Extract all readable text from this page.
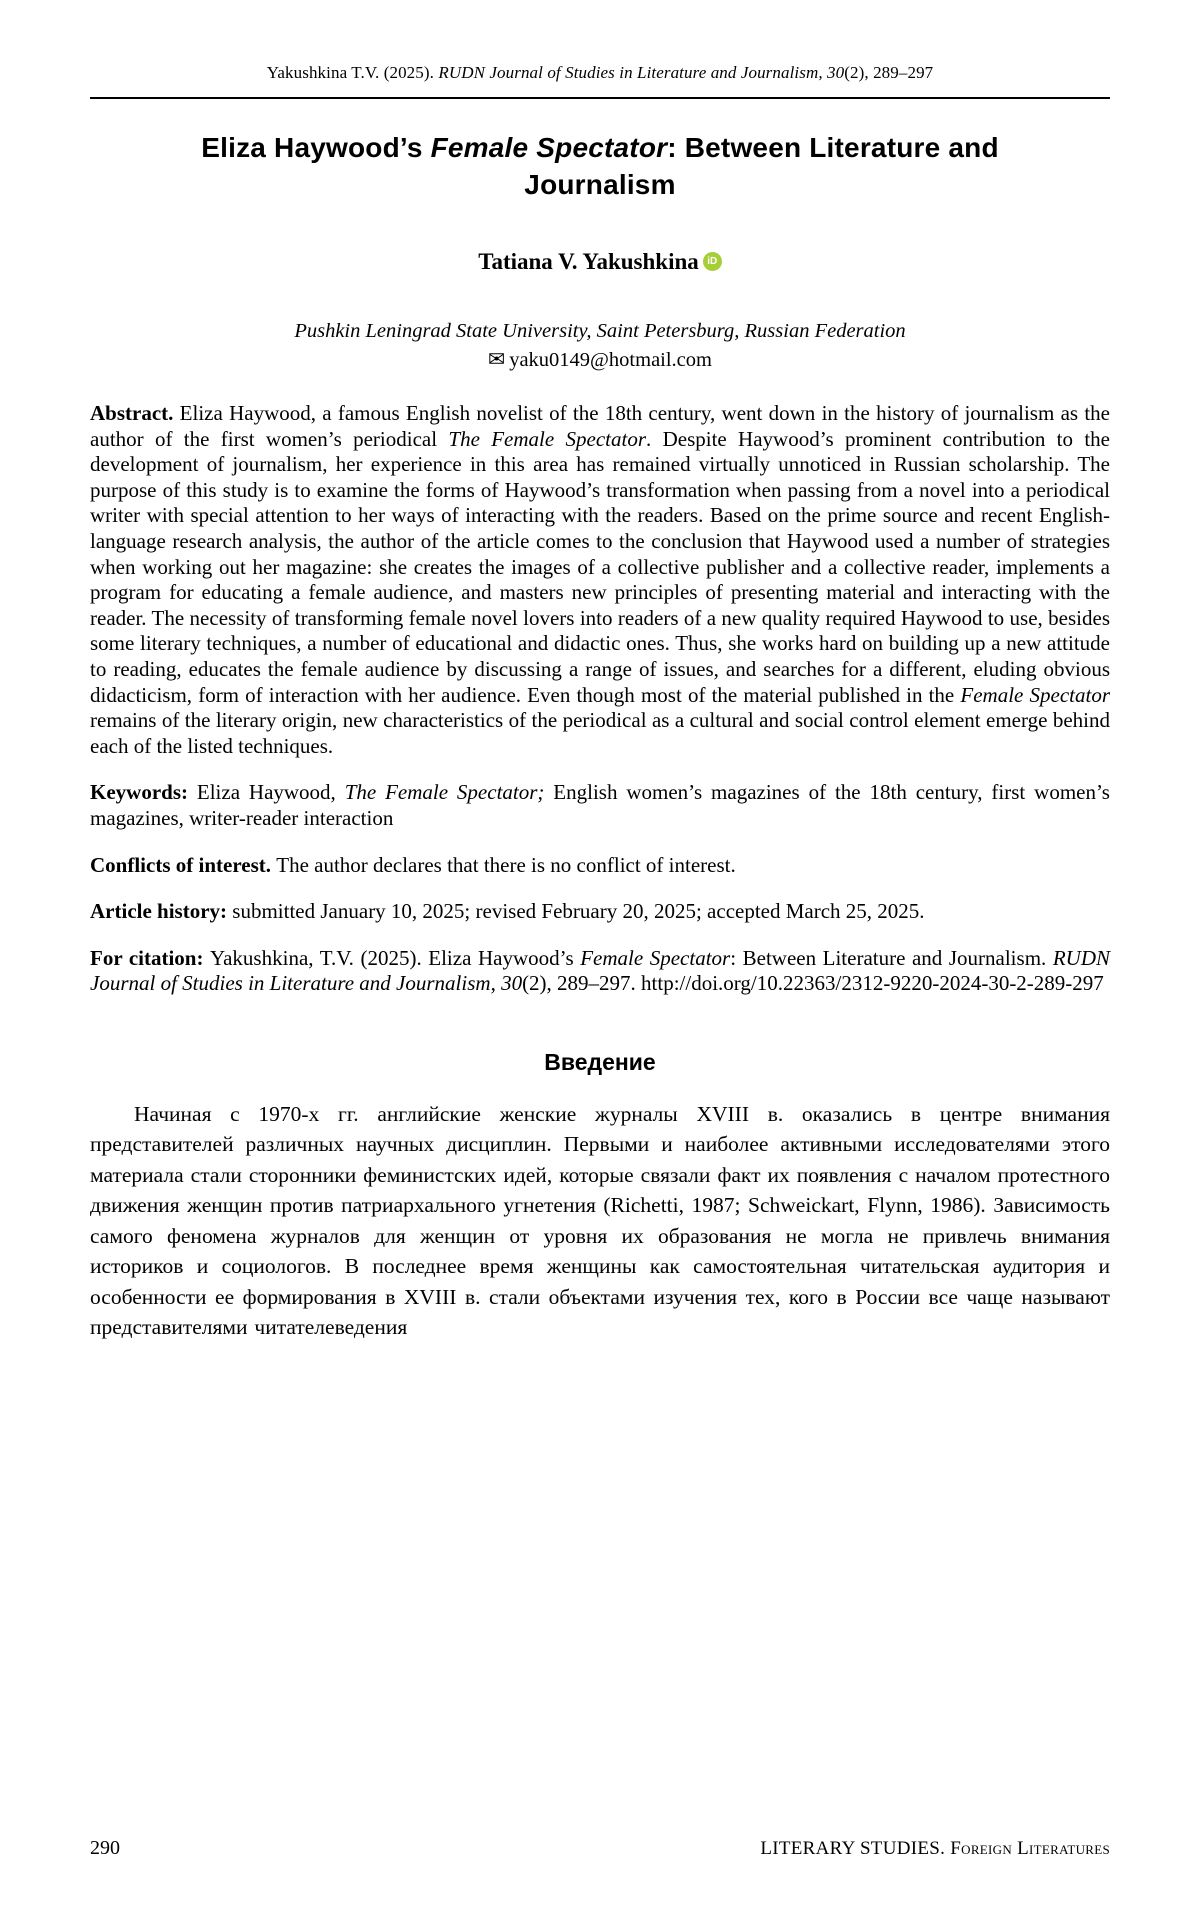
Yakushkina T.V. (2025). RUDN Journal of Studies in Literature and Journalism, 30(2), 289–297
Eliza Haywood’s Female Spectator: Between Literature and Journalism
Tatiana V. Yakushkina iD
Pushkin Leningrad State University, Saint Petersburg, Russian Federation
✉ yaku0149@hotmail.com

Abstract. Eliza Haywood, a famous English novelist of the 18th century, went down in the history of journalism as the author of the first women’s periodical The Female Spectator. Despite Haywood’s prominent contribution to the development of journalism, her experience in this area has remained virtually unnoticed in Russian scholarship. The purpose of this study is to examine the forms of Haywood’s transformation when passing from a novel into a periodical writer with special attention to her ways of interacting with the readers. Based on the prime source and recent English-language research analysis, the author of the article comes to the conclusion that Haywood used a number of strategies when working out her magazine: she creates the images of a collective publisher and a collective reader, implements a program for educating a female audience, and masters new principles of presenting material and interacting with the reader. The necessity of transforming female novel lovers into readers of a new quality required Haywood to use, besides some literary techniques, a number of educational and didactic ones. Thus, she works hard on building up a new attitude to reading, educates the female audience by discussing a range of issues, and searches for a different, eluding obvious didacticism, form of interaction with her audience. Even though most of the material published in the Female Spectator remains of the literary origin, new characteristics of the periodical as a cultural and social control element emerge behind each of the listed techniques.

Keywords: Eliza Haywood, The Female Spectator; English women’s magazines of the 18th century, first women’s magazines, writer-reader interaction

Conflicts of interest. The author declares that there is no conflict of interest.

Article history: submitted January 10, 2025; revised February 20, 2025; accepted March 25, 2025.

For citation: Yakushkina, T.V. (2025). Eliza Haywood’s Female Spectator: Between Literature and Journalism. RUDN Journal of Studies in Literature and Journalism, 30(2), 289–297. http://doi.org/10.22363/2312-9220-2024-30-2-289-297

Введение

Начиная с 1970-х гг. английские женские журналы XVIII в. оказались в центре внимания представителей различных научных дисциплин. Первыми и наиболее активными исследователями этого материала стали сторонники феминистских идей, которые связали факт их появления с началом протестного движения женщин против патриархального угнетения (Richetti, 1987; Schweickart, Flynn, 1986). Зависимость самого феномена журналов для женщин от уровня их образования не могла не привлечь внимания историков и социологов. В последнее время женщины как самостоятельная читательская аудитория и особенности ее формирования в XVIII в. стали объектами изучения тех, кого в России все чаще называют представителями читателеведения

290	LITERARY STUDIES. Foreign Literatures
